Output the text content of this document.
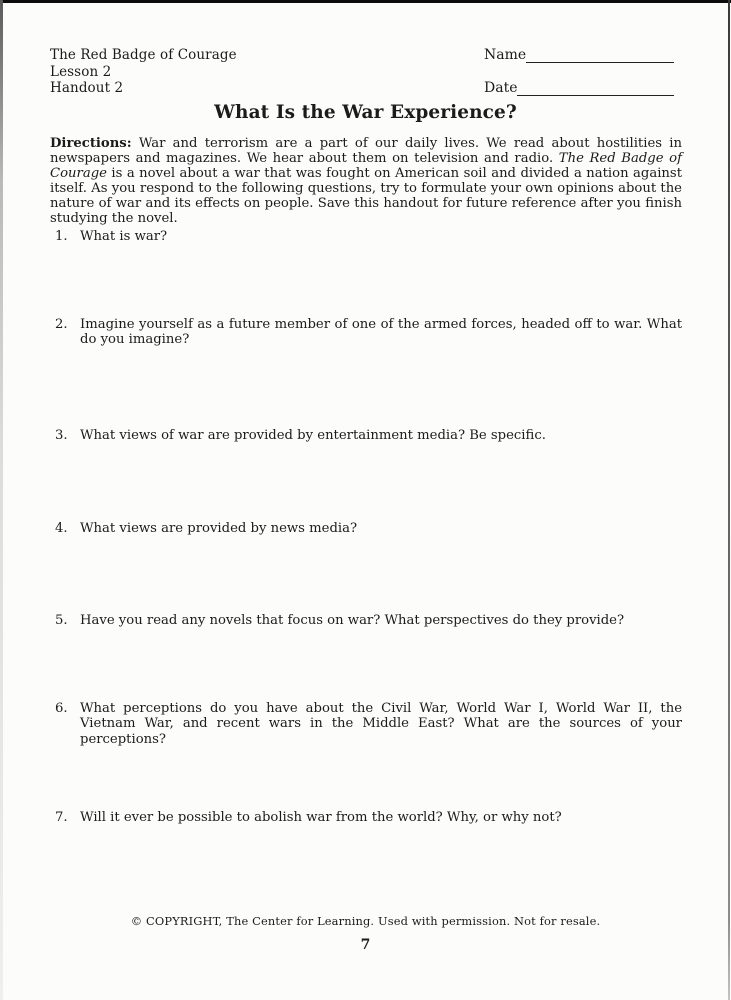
The Red Badge of Courage
Lesson 2
Handout 2
Name
Date
What Is the War Experience?

Directions: War and terrorism are a part of our daily lives. We read about hostilities in newspapers and magazines. We hear about them on television and radio. The Red Badge of Courage is a novel about a war that was fought on American soil and divided a nation against itself. As you respond to the following questions, try to formulate your own opinions about the nature of war and its effects on people. Save this handout for future reference after you finish studying the novel.

1. What is war?
2. Imagine yourself as a future member of one of the armed forces, headed off to war. What do you imagine?
3. What views of war are provided by entertainment media? Be specific.
4. What views are provided by news media?
5. Have you read any novels that focus on war? What perspectives do they provide?
6. What perceptions do you have about the Civil War, World War I, World War II, the Vietnam War, and recent wars in the Middle East? What are the sources of your perceptions?
7. Will it ever be possible to abolish war from the world? Why, or why not?
© COPYRIGHT, The Center for Learning. Used with permission. Not for resale.
7
